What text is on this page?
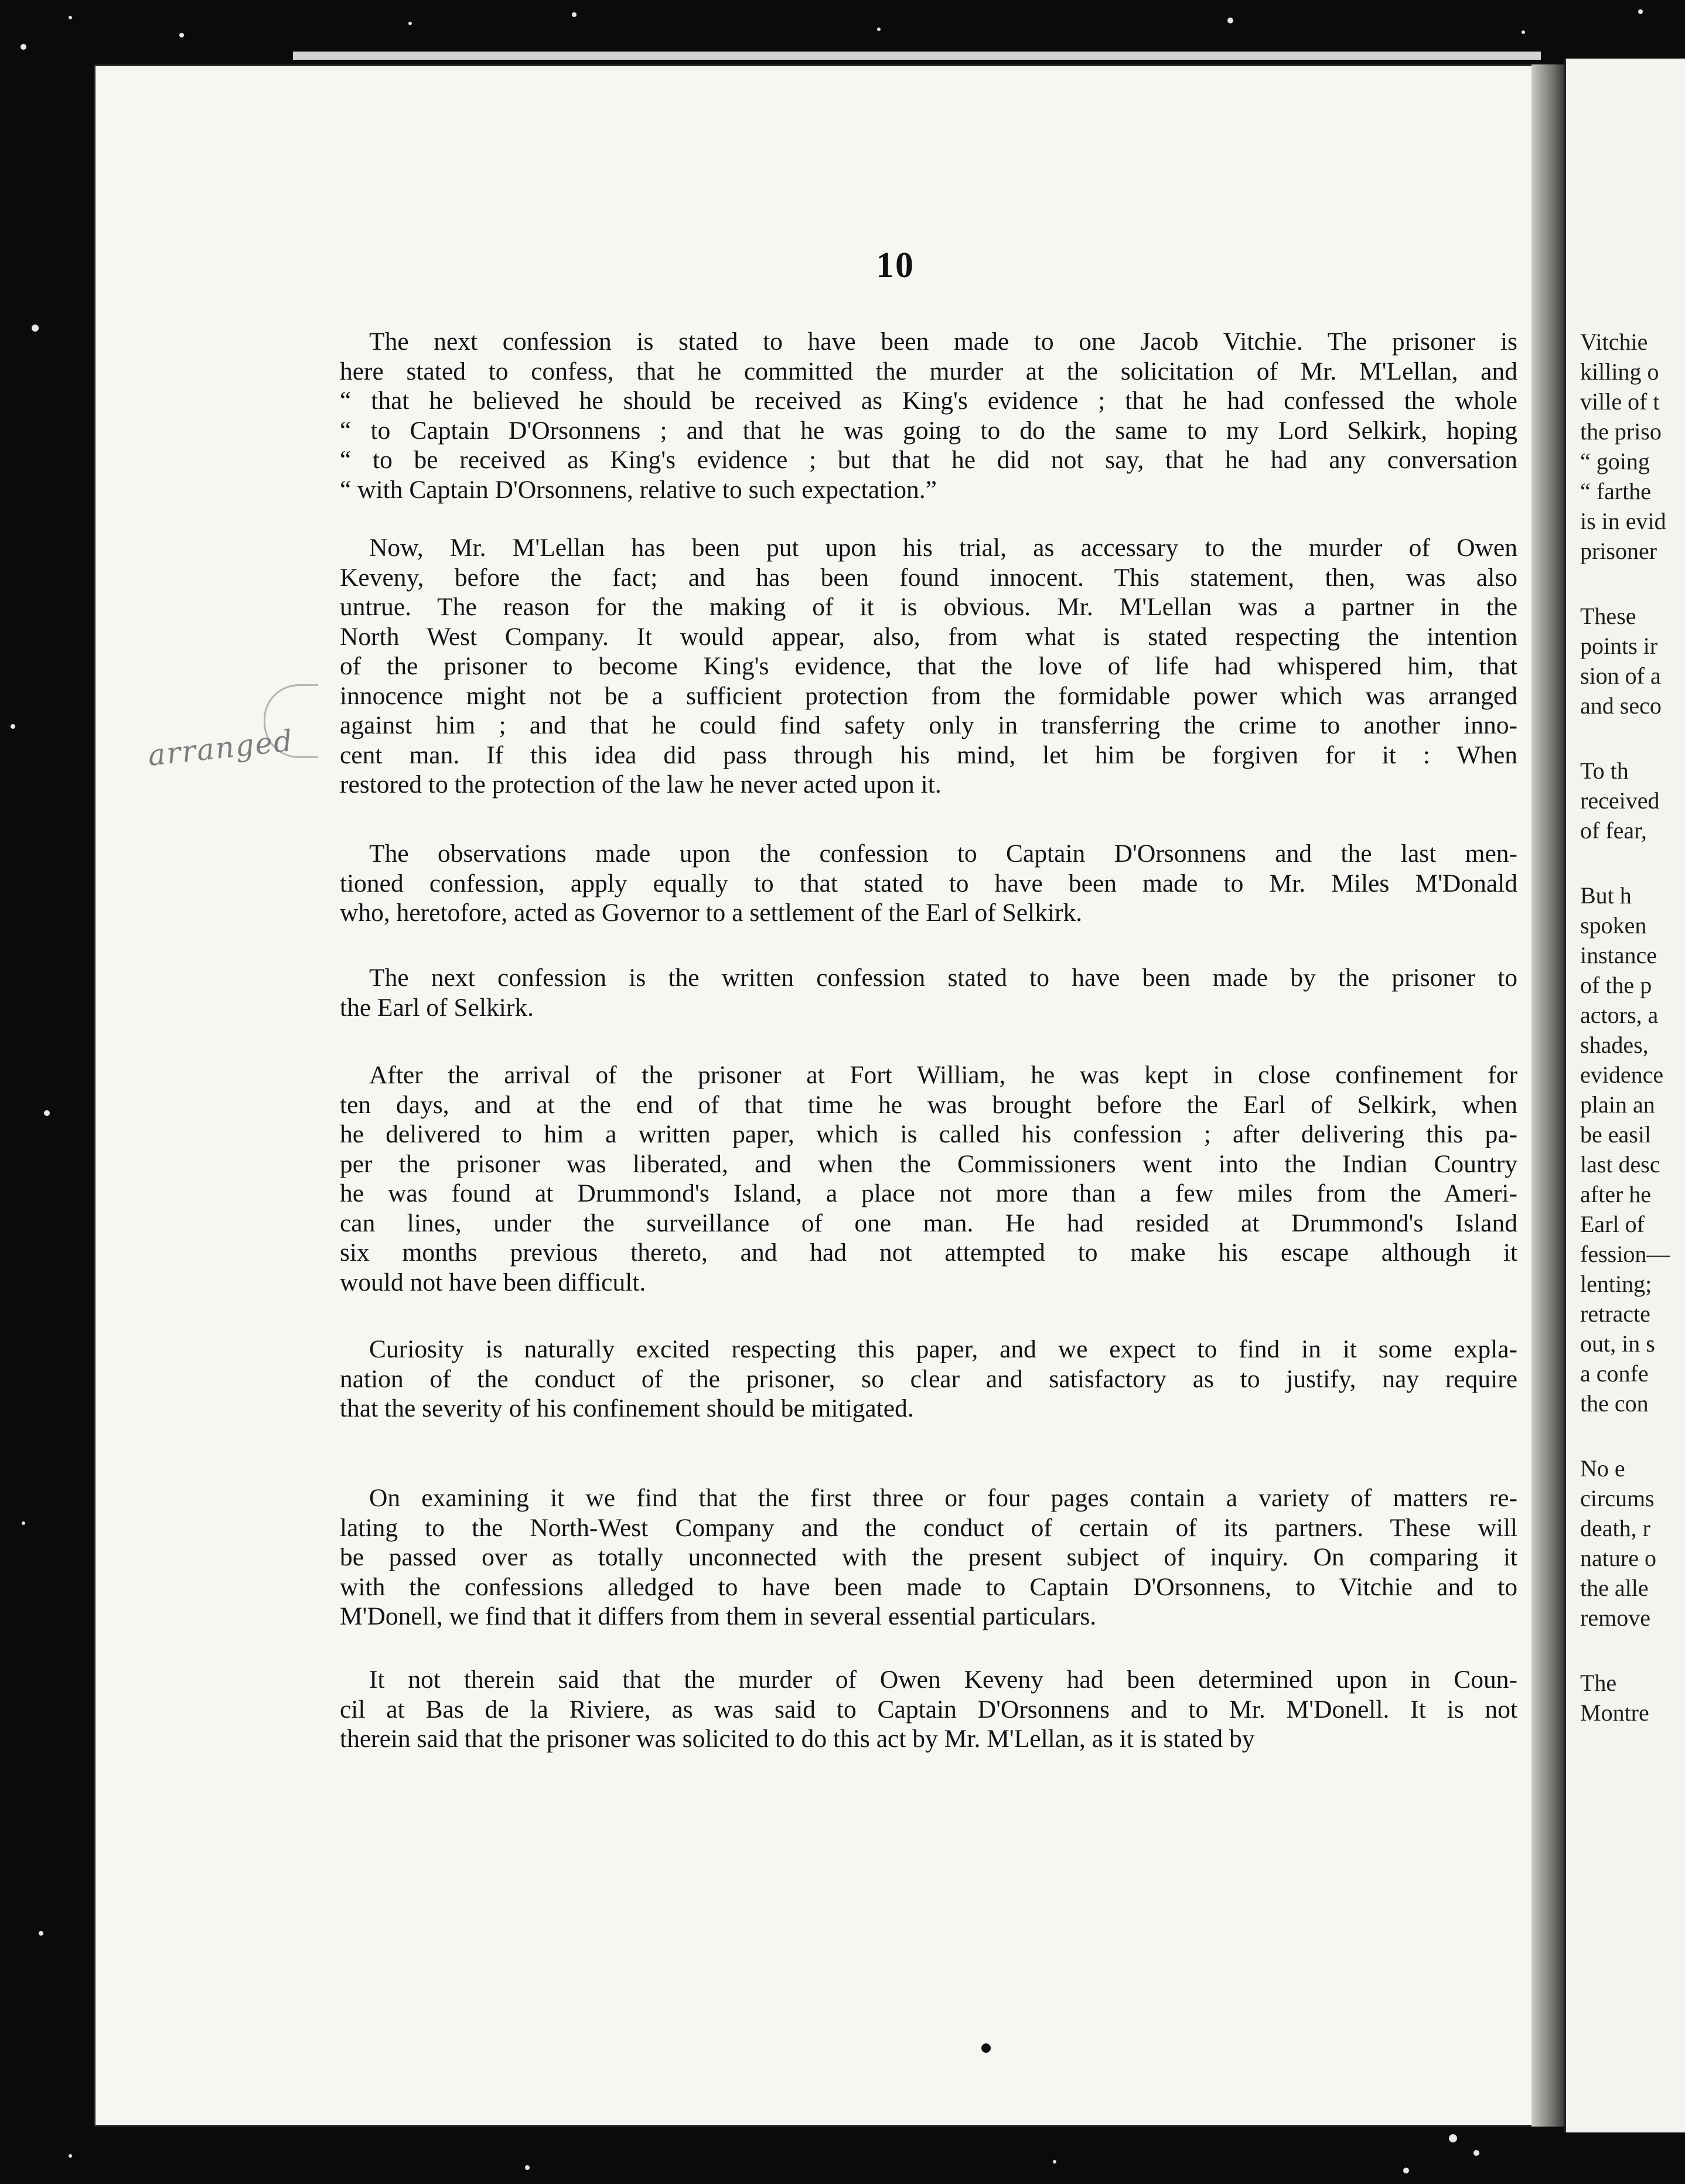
Vitchie
killing o
ville of t
the priso
“ going
“ farthe
is in evid
prisoner
These
points ir
sion of a
and seco
To th
received
of fear,
But h
spoken
instance
of the p
actors, a
shades,
evidence
plain an
be easil
last desc
after he
Earl of
fession—
lenting;
retracte
out, in s
a confe
the con
No e
circums
death, r
nature o
the alle
remove
The
Montre
10
The next confession is stated to have been made to one Jacob Vitchie. The prisoner is
here stated to confess, that he committed the murder at the solicitation of Mr. M'Lellan, and
“ that he believed he should be received as King's evidence ; that he had confessed the whole
“ to Captain D'Orsonnens ; and that he was going to do the same to my Lord Selkirk, hoping
“ to be received as King's evidence ; but that he did not say, that he had any conversation
“ with Captain D'Orsonnens, relative to such expectation.”
Now, Mr. M'Lellan has been put upon his trial, as accessary to the murder of Owen
Keveny, before the fact; and has been found innocent. This statement, then, was also
untrue. The reason for the making of it is obvious. Mr. M'Lellan was a partner in the
North West Company. It would appear, also, from what is stated respecting the intention
of the prisoner to become King's evidence, that the love of life had whispered him, that
innocence might not be a sufficient protection from the formidable power which was arranged
against him ; and that he could find safety only in transferring the crime to another inno-
cent man. If this idea did pass through his mind, let him be forgiven for it : When
restored to the protection of the law he never acted upon it.
The observations made upon the confession to Captain D'Orsonnens and the last men-
tioned confession, apply equally to that stated to have been made to Mr. Miles M'Donald
who, heretofore, acted as Governor to a settlement of the Earl of Selkirk.
The next confession is the written confession stated to have been made by the prisoner to
the Earl of Selkirk.
After the arrival of the prisoner at Fort William, he was kept in close confinement for
ten days, and at the end of that time he was brought before the Earl of Selkirk, when
he delivered to him a written paper, which is called his confession ; after delivering this pa-
per the prisoner was liberated, and when the Commissioners went into the Indian Country
he was found at Drummond's Island, a place not more than a few miles from the Ameri-
can lines, under the surveillance of one man. He had resided at Drummond's Island
six months previous thereto, and had not attempted to make his escape although it
would not have been difficult.
Curiosity is naturally excited respecting this paper, and we expect to find in it some expla-
nation of the conduct of the prisoner, so clear and satisfactory as to justify, nay require
that the severity of his confinement should be mitigated.
On examining it we find that the first three or four pages contain a variety of matters re-
lating to the North-West Company and the conduct of certain of its partners. These will
be passed over as totally unconnected with the present subject of inquiry. On comparing it
with the confessions alledged to have been made to Captain D'Orsonnens, to Vitchie and to
M'Donell, we find that it differs from them in several essential particulars.
It not therein said that the murder of Owen Keveny had been determined upon in Coun-
cil at Bas de la Riviere, as was said to Captain D'Orsonnens and to Mr. M'Donell. It is not
therein said that the prisoner was solicited to do this act by Mr. M'Lellan, as it is stated by
arranged
